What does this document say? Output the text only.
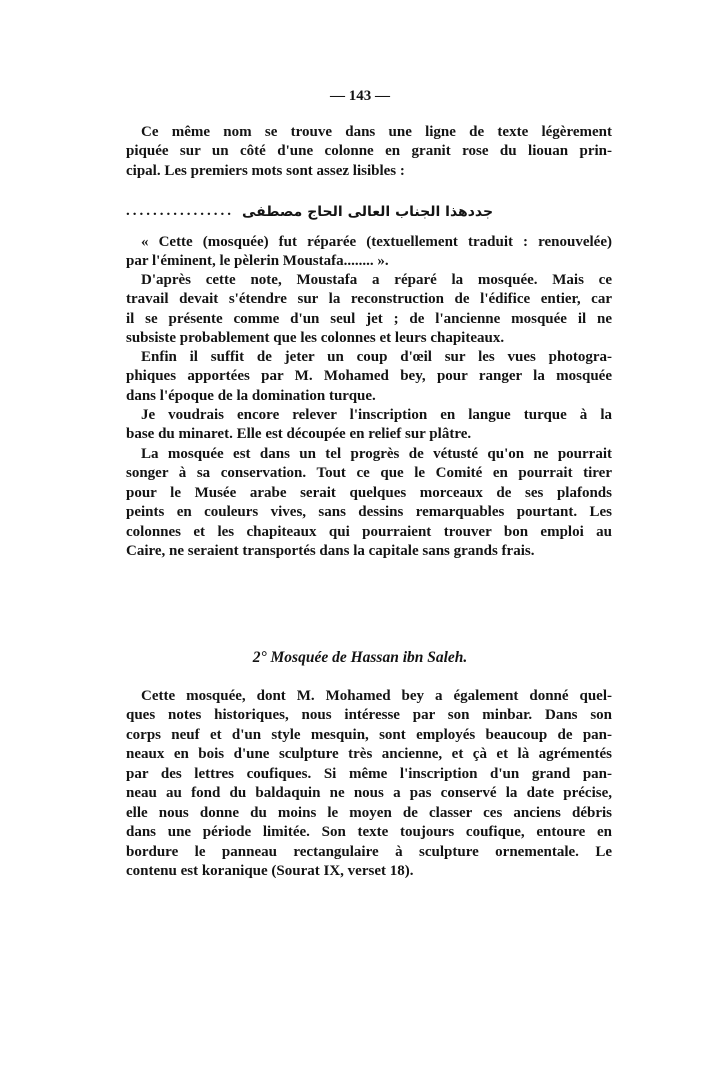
— 143 —
Ce même nom se trouve dans une ligne de texte légèrement
piquée sur un côté d'une colonne en granit rose du liouan prin-
cipal. Les premiers mots sont assez lisibles :
« Cette (mosquée) fut réparée (textuellement traduit : renouvelée)
par l'éminent, le pèlerin Moustafa........ ».
D'après cette note, Moustafa a réparé la mosquée. Mais ce
travail devait s'étendre sur la reconstruction de l'édifice entier, car
il se présente comme d'un seul jet ; de l'ancienne mosquée il ne
subsiste probablement que les colonnes et leurs chapiteaux.
Enfin il suffit de jeter un coup d'œil sur les vues photogra-
phiques apportées par M. Mohamed bey, pour ranger la mosquée
dans l'époque de la domination turque.
Je voudrais encore relever l'inscription en langue turque à la
base du minaret. Elle est découpée en relief sur plâtre.
La mosquée est dans un tel progrès de vétusté qu'on ne pourrait
songer à sa conservation. Tout ce que le Comité en pourrait tirer
pour le Musée arabe serait quelques morceaux de ses plafonds
peints en couleurs vives, sans dessins remarquables pourtant. Les
colonnes et les chapiteaux qui pourraient trouver bon emploi au
Caire, ne seraient transportés dans la capitale sans grands frais.
Cette mosquée, dont M. Mohamed bey a également donné quel-
ques notes historiques, nous intéresse par son minbar. Dans son
corps neuf et d'un style mesquin, sont employés beaucoup de pan-
neaux en bois d'une sculpture très ancienne, et çà et là agrémentés
par des lettres coufiques. Si même l'inscription d'un grand pan-
neau au fond du baldaquin ne nous a pas conservé la date précise,
elle nous donne du moins le moyen de classer ces anciens débris
dans une période limitée. Son texte toujours coufique, entoure en
bordure le panneau rectangulaire à sculpture ornementale. Le
contenu est koranique (Sourat IX, verset 18).
................ جددهذا الجناب العالى الحاج مصطفى
2° Mosquée de Hassan ibn Saleh.
